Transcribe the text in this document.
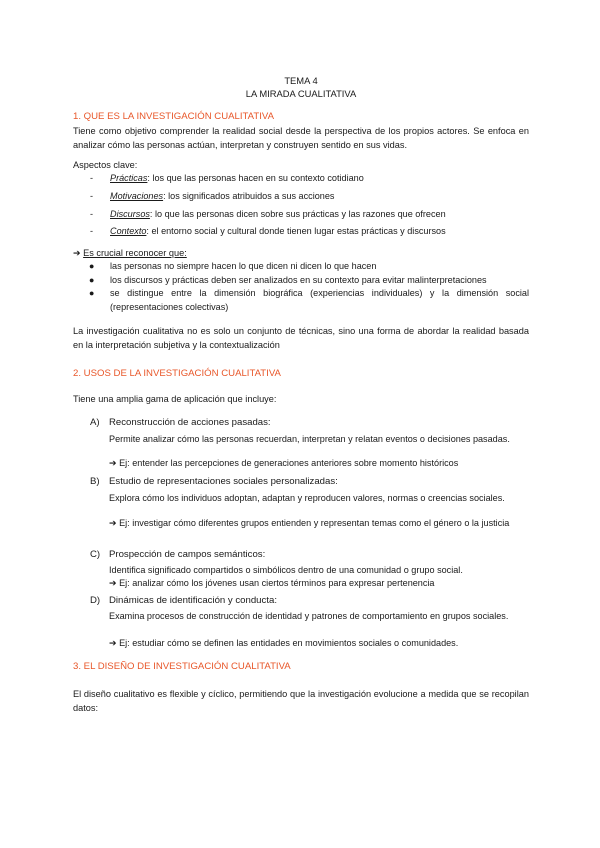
TEMA 4
LA MIRADA CUALITATIVA
1. QUE ES LA INVESTIGACIÓN CUALITATIVA

Tiene como objetivo comprender la realidad social desde la perspectiva de los propios actores. Se enfoca en analizar cómo las personas actúan, interpretan y construyen sentido en sus vidas.

Aspectos clave:

- Prácticas: los que las personas hacen en su contexto cotidiano
- Motivaciones: los significados atribuidos a sus acciones
- Discursos: lo que las personas dicen sobre sus prácticas y las razones que ofrecen
- Contexto: el entorno social y cultural donde tienen lugar estas prácticas y discursos

➔ Es crucial reconocer que:

● las personas no siempre hacen lo que dicen ni dicen lo que hacen
● los discursos y prácticas deben ser analizados en su contexto para evitar malinterpretaciones
● se distingue entre la dimensión biográfica (experiencias individuales) y la dimensión social (representaciones colectivas)

La investigación cualitativa no es solo un conjunto de técnicas, sino una forma de abordar la realidad basada en la interpretación subjetiva y la contextualización

2. USOS DE LA INVESTIGACIÓN CUALITATIVA

Tiene una amplia gama de aplicación que incluye:

A) Reconstrucción de acciones pasadas:
Permite analizar cómo las personas recuerdan, interpretan y relatan eventos o decisiones pasadas.
➔ Ej: entender las percepciones de generaciones anteriores sobre momento históricos
B) Estudio de representaciones sociales personalizadas:
Explora cómo los individuos adoptan, adaptan y reproducen valores, normas o creencias sociales.
➔ Ej: investigar cómo diferentes grupos entienden y representan temas como el género o la justicia
C) Prospección de campos semánticos:
Identifica significado compartidos o simbólicos dentro de una comunidad o grupo social.
➔ Ej: analizar cómo los jóvenes usan ciertos términos para expresar pertenencia
D) Dinámicas de identificación y conducta:
Examina procesos de construcción de identidad y patrones de comportamiento en grupos sociales.
➔ Ej: estudiar cómo se definen las entidades en movimientos sociales o comunidades.
3. EL DISEÑO DE INVESTIGACIÓN CUALITATIVA

El diseño cualitativo es flexible y cíclico, permitiendo que la investigación evolucione a medida que se recopilan datos:
